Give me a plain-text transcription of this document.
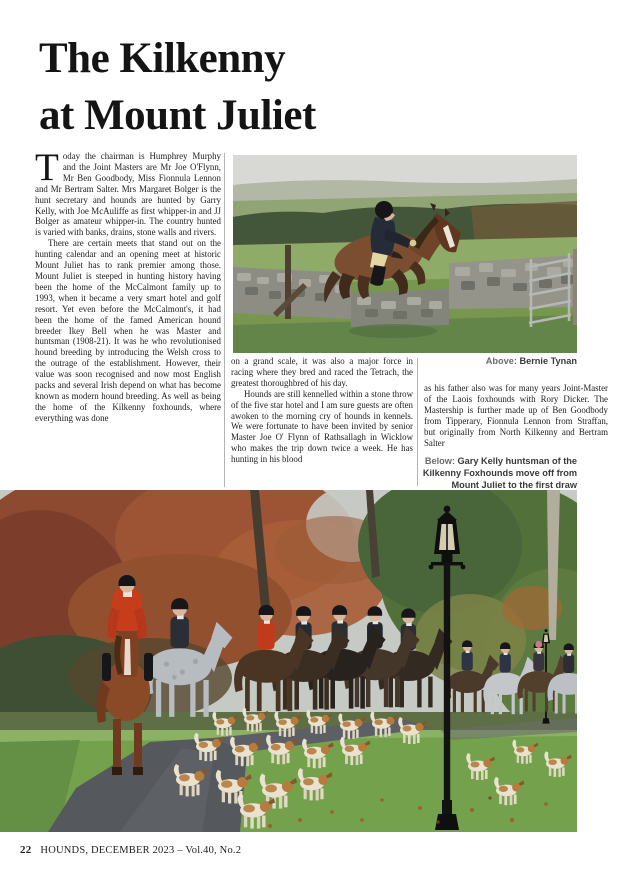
The Kilkenny
at Mount Juliet

Today the chairman is Humphrey Murphy and the Joint Masters are Mr Joe O'Flynn, Mr Ben Goodbody, Miss Fionnula Lennon and Mr Bertram Salter. Mrs Margaret Bolger is the hunt secretary and hounds are hunted by Garry Kelly, with Joe McAuliffe as first whipper-in and JJ Bolger as amateur whipper-in. The country hunted is varied with banks, drains, stone walls and rivers.

There are certain meets that stand out on the hunting calendar and an opening meet at historic Mount Juliet has to rank premier among those. Mount Juliet is steeped in hunting history having been the home of the McCalmont family up to 1993, when it became a very smart hotel and golf resort. Yet even before the McCalmont's, it had been the home of the famed American hound breeder Ikey Bell when he was Master and huntsman (1908-21). It was he who revolutionised hound breeding by introducing the Welsh cross to the outrage of the establishment. However, their value was soon recognised and now most English packs and several Irish depend on what has become known as modern hound breeding. As well as being the home of the Kilkenny foxhounds, where everything was done

on a grand scale, it was also a major force in racing where they bred and raced the Tetrach, the greatest thoroughbred of his day.

Hounds are still kennelled within a stone throw of the five star hotel and I am sure guests are often awoken to the morning cry of hounds in kennels. We were fortunate to have been invited by senior Master Joe O' Flynn of Rathsallagh in Wicklow who makes the trip down twice a week. He has hunting in his blood

as his father also was for many years Joint-Master of the Laois foxhounds with Rory Dicker. The Mastership is further made up of Ben Goodbody from Tipperary, Fionnula Lennon from Straffan, but originally from North Kilkenny and Bertram Salter

Above: Bernie Tynan
Below: Gary Kelly huntsman of the Kilkenny Foxhounds move off from Mount Juliet to the first draw
22 HOUNDS, DECEMBER 2023 – Vol.40, No.2
